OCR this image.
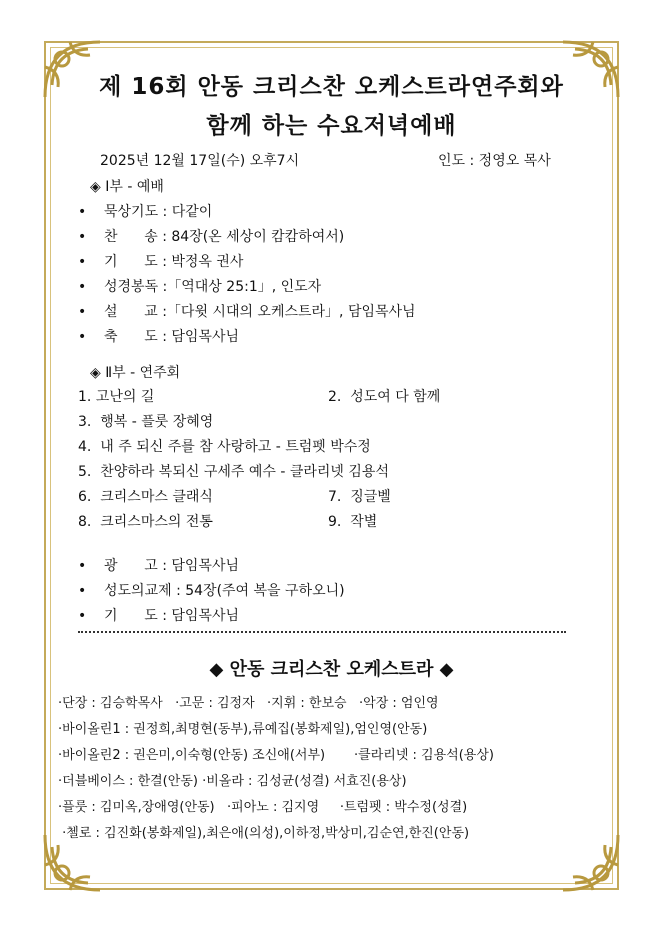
제 16회 안동 크리스찬 오케스트라연주회와
함께 하는 수요저녁예배
2025년 12월 17일(수) 오후7시	인도 : 정영오 목사
◈ Ⅰ부 - 예배
• 묵상기도 : 다같이
• 찬      송 : 84장(온 세상이 캄캄하여서)
• 기      도 : 박정옥 권사
• 성경봉독 :「역대상 25:1」, 인도자
• 설      교 :「다윗 시대의 오케스트라」, 담임목사님
• 축      도 : 담임목사님
◈ Ⅱ부 - 연주회
1. 고난의 길	2.  성도여 다 함께
3.  행복 - 플룻 장혜영
4.  내 주 되신 주를 참 사랑하고 - 트럼펫 박수정
5.  찬양하라 복되신 구세주 예수 - 클라리넷 김용석
6.  크리스마스 클래식	7.  징글벨
8.  크리스마스의 전통	9.  작별
• 광      고 : 담임목사님
• 성도의교제 : 54장(주여 복을 구하오니)
• 기      도 : 담임목사님
◆ 안동 크리스찬 오케스트라 ◆
·단장 : 김승학목사   ·고문 : 김정자   ·지휘 : 한보승   ·악장 : 엄인영
·바이올린1 : 권정희,최명현(동부),류예집(봉화제일),엄인영(안동)
·바이올린2 : 권은미,이숙형(안동) 조신애(서부)       ·클라리넷 : 김용석(용상)
·더블베이스 : 한결(안동) ·비올라 : 김성균(성결) 서효진(용상)
·플룻 : 김미옥,장애영(안동)   ·피아노 : 김지영     ·트럼펫 : 박수정(성결)
·첼로 : 김진화(봉화제일),최은애(의성),이하정,박상미,김순연,한진(안동)
